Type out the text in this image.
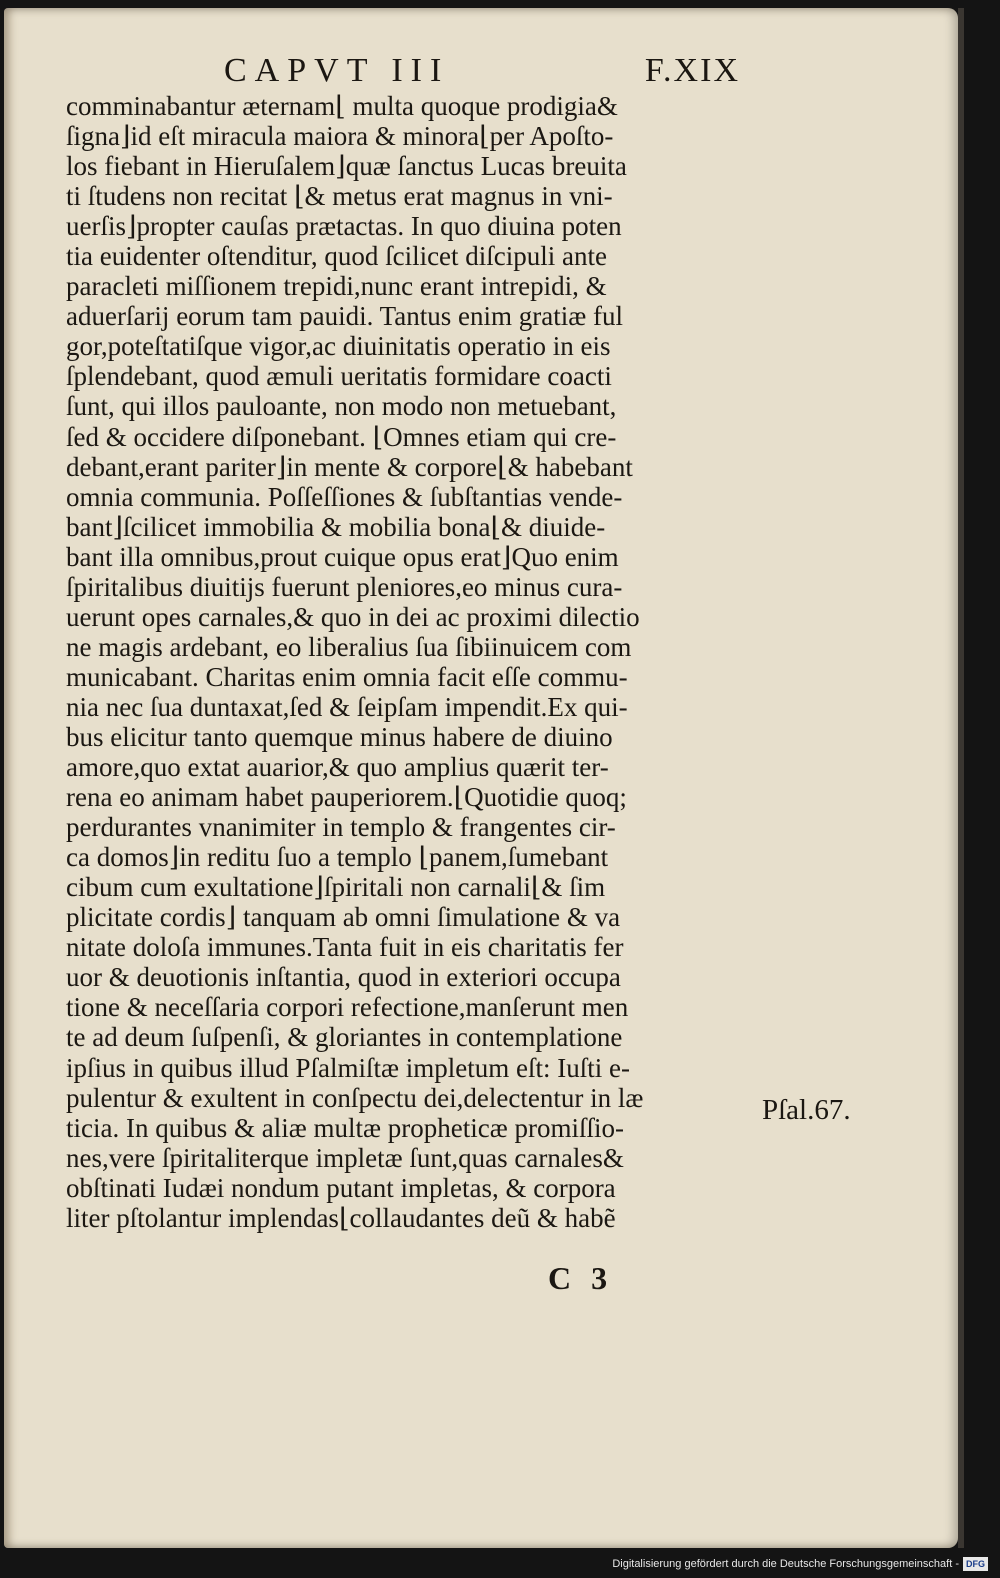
CAPVT III	F.XIX
comminabantur æternam⌊ multa quoque prodigia&
ſigna⌋id eſt miracula maiora & minora⌊per Apoſto-
los fiebant in Hieruſalem⌋quæ ſanctus Lucas breuita
ti ſtudens non recitat ⌊& metus erat magnus in vni-
uerſis⌋propter cauſas prætactas. In quo diuina poten
tia euidenter oſtenditur, quod ſcilicet diſcipuli ante
paracleti miſſionem trepidi,nunc erant intrepidi, &
aduerſarij eorum tam pauidi. Tantus enim gratiæ ful
gor,poteſtatiſque vigor,ac diuinitatis operatio in eis
ſplendebant, quod æmuli ueritatis formidare coacti
ſunt, qui illos pauloante, non modo non metuebant,
ſed & occidere diſponebant. ⌊Omnes etiam qui cre-
debant,erant pariter⌋in mente & corpore⌊& habebant
omnia communia. Poſſeſſiones & ſubſtantias vende-
bant⌋ſcilicet immobilia & mobilia bona⌊& diuide-
bant illa omnibus,prout cuique opus erat⌋Quo enim
ſpiritalibus diuitijs fuerunt pleniores,eo minus cura-
uerunt opes carnales,& quo in dei ac proximi dilectio
ne magis ardebant, eo liberalius ſua ſibiinuicem com
municabant. Charitas enim omnia facit eſſe commu-
nia nec ſua duntaxat,ſed & ſeipſam impendit.Ex qui-
bus elicitur tanto quemque minus habere de diuino
amore,quo extat auarior,& quo amplius quærit ter-
rena eo animam habet pauperiorem.⌊Quotidie quoq;
perdurantes vnanimiter in templo & frangentes cir-
ca domos⌋in reditu ſuo a templo ⌊panem,ſumebant
cibum cum exultatione⌋ſpiritali non carnali⌊& ſim
plicitate cordis⌋ tanquam ab omni ſimulatione & va
nitate doloſa immunes.Tanta fuit in eis charitatis fer
uor & deuotionis inſtantia, quod in exteriori occupa
tione & neceſſaria corpori refectione,manſerunt men
te ad deum ſuſpenſi, & gloriantes in contemplatione
ipſius in quibus illud Pſalmiſtæ impletum eſt: Iuſti e-
pulentur & exultent in conſpectu dei,delectentur in læ
ticia. In quibus & aliæ multæ propheticæ promiſſio-
nes,vere ſpiritaliterque impletæ ſunt,quas carnales&
obſtinati Iudæi nondum putant impletas, & corpora
liter pſtolantur implendas⌊collaudantes deũ & habẽ
Pſal.67.
C 3
Digitalisierung gefördert durch die Deutsche Forschungsgemeinschaft - DFG
